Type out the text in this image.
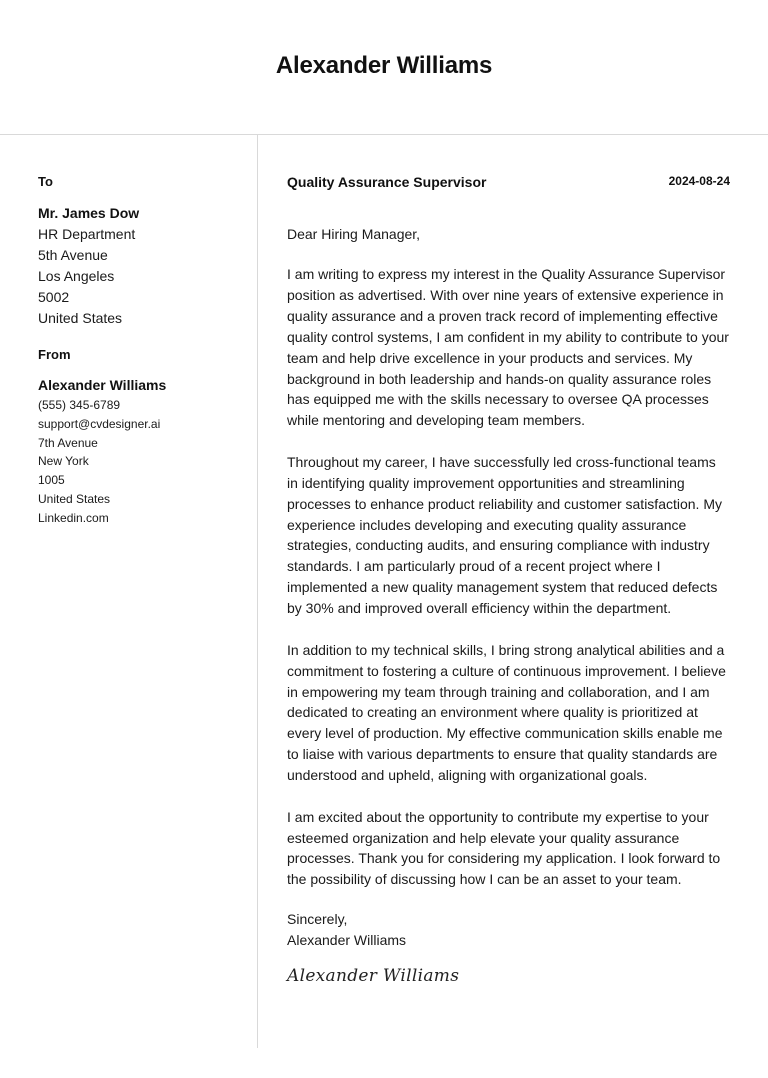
Alexander Williams
To
Mr. James Dow
HR Department
5th Avenue
Los Angeles
5002
United States
From
Alexander Williams
(555) 345-6789
support@cvdesigner.ai
7th Avenue
New York
1005
United States
Linkedin.com
Quality Assurance Supervisor	2024-08-24
Dear Hiring Manager,

I am writing to express my interest in the Quality Assurance Supervisor position as advertised. With over nine years of extensive experience in quality assurance and a proven track record of implementing effective quality control systems, I am confident in my ability to contribute to your team and help drive excellence in your products and services. My background in both leadership and hands-on quality assurance roles has equipped me with the skills necessary to oversee QA processes while mentoring and developing team members.

Throughout my career, I have successfully led cross-functional teams in identifying quality improvement opportunities and streamlining processes to enhance product reliability and customer satisfaction. My experience includes developing and executing quality assurance strategies, conducting audits, and ensuring compliance with industry standards. I am particularly proud of a recent project where I implemented a new quality management system that reduced defects by 30% and improved overall efficiency within the department.

In addition to my technical skills, I bring strong analytical abilities and a commitment to fostering a culture of continuous improvement. I believe in empowering my team through training and collaboration, and I am dedicated to creating an environment where quality is prioritized at every level of production. My effective communication skills enable me to liaise with various departments to ensure that quality standards are understood and upheld, aligning with organizational goals.

I am excited about the opportunity to contribute my expertise to your esteemed organization and help elevate your quality assurance processes. Thank you for considering my application. I look forward to the possibility of discussing how I can be an asset to your team.

Sincerely,
Alexander Williams
Alexander Williams
